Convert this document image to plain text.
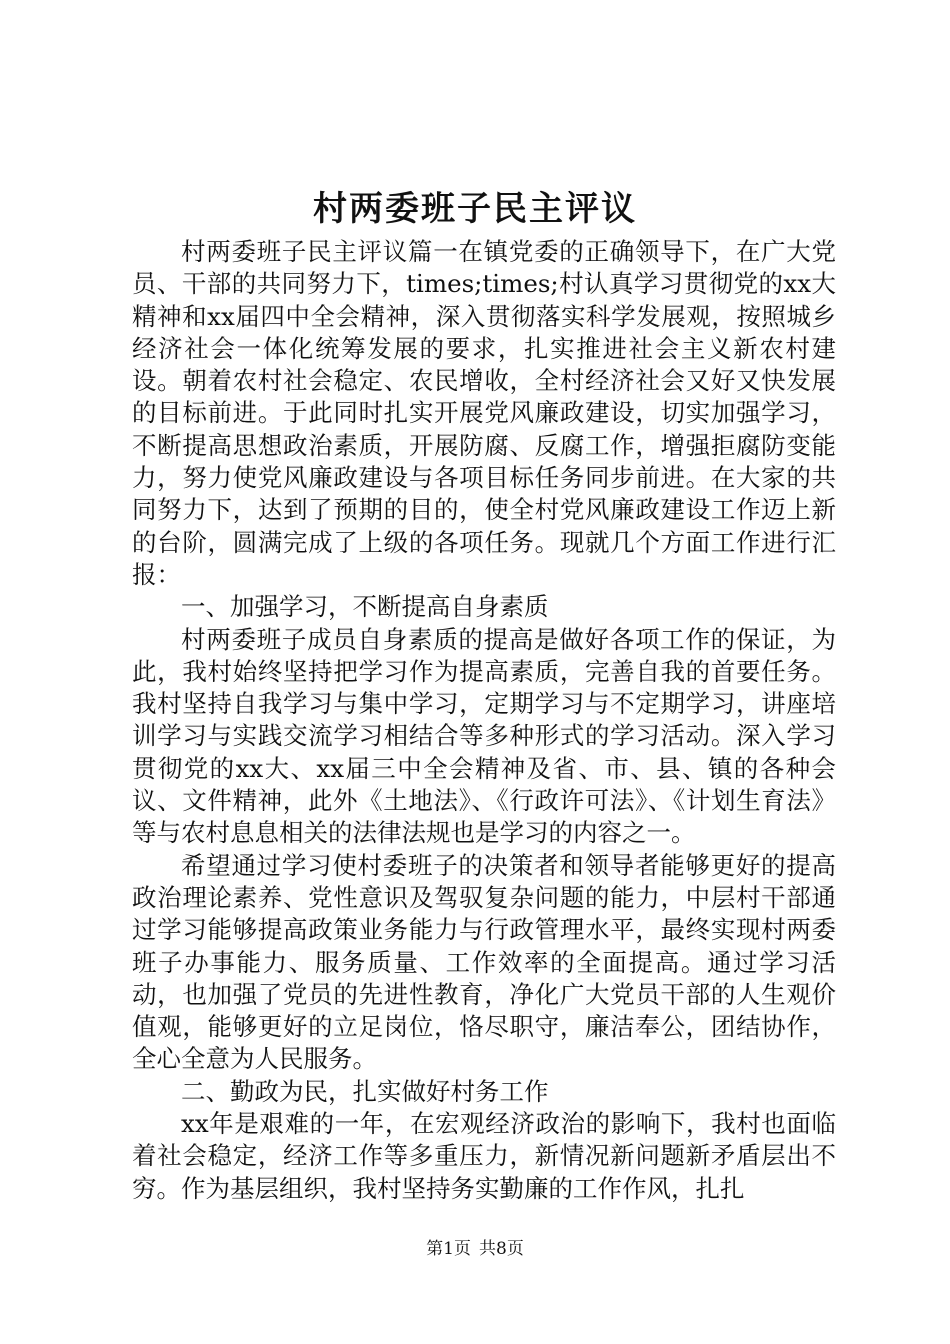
村两委班子民主评议

村两委班子民主评议篇一在镇党委的正确领导下，在广大党员、干部的共同努力下，times;times;村认真学习贯彻党的xx大精神和xx届四中全会精神，深入贯彻落实科学发展观，按照城乡经济社会一体化统筹发展的要求，扎实推进社会主义新农村建设。朝着农村社会稳定、农民增收，全村经济社会又好又快发展的目标前进。于此同时扎实开展党风廉政建设，切实加强学习，不断提高思想政治素质，开展防腐、反腐工作，增强拒腐防变能力，努力使党风廉政建设与各项目标任务同步前进。在大家的共同努力下，达到了预期的目的，使全村党风廉政建设工作迈上新的台阶，圆满完成了上级的各项任务。现就几个方面工作进行汇报：

一、加强学习，不断提高自身素质

村两委班子成员自身素质的提高是做好各项工作的保证，为此，我村始终坚持把学习作为提高素质，完善自我的首要任务。我村坚持自我学习与集中学习，定期学习与不定期学习，讲座培训学习与实践交流学习相结合等多种形式的学习活动。深入学习贯彻党的xx大、xx届三中全会精神及省、市、县、镇的各种会议、文件精神，此外《土地法》、《行政许可法》、《计划生育法》等与农村息息相关的法律法规也是学习的内容之一。

希望通过学习使村委班子的决策者和领导者能够更好的提高政治理论素养、党性意识及驾驭复杂问题的能力，中层村干部通过学习能够提高政策业务能力与行政管理水平，最终实现村两委班子办事能力、服务质量、工作效率的全面提高。通过学习活动，也加强了党员的先进性教育，净化广大党员干部的人生观价值观，能够更好的立足岗位，恪尽职守，廉洁奉公，团结协作，全心全意为人民服务。

二、勤政为民，扎实做好村务工作

xx年是艰难的一年，在宏观经济政治的影响下，我村也面临着社会稳定，经济工作等多重压力，新情况新问题新矛盾层出不穷。作为基层组织，我村坚持务实勤廉的工作作风，扎扎

第1页 共8页
